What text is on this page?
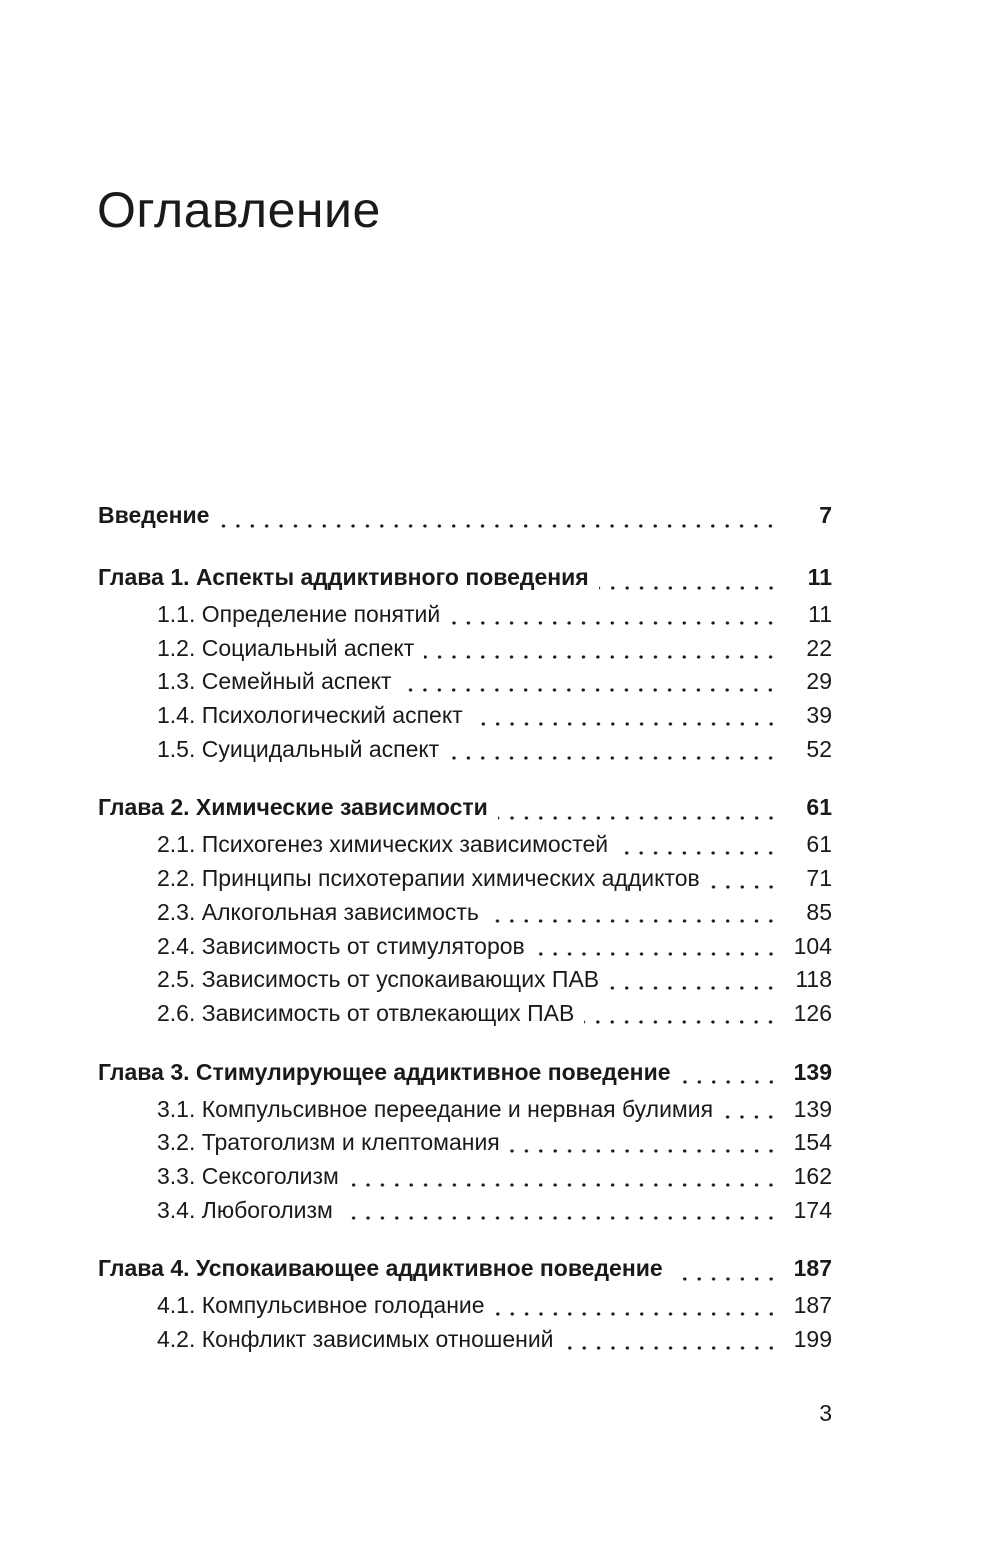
Оглавление
Введение	7
Глава 1. Аспекты аддиктивного поведения	11
1.1. Определение понятий	11
1.2. Социальный аспект	22
1.3. Семейный аспект	29
1.4. Психологический аспект	39
1.5. Суицидальный аспект	52
Глава 2. Химические зависимости	61
2.1. Психогенез химических зависимостей	61
2.2. Принципы психотерапии химических аддиктов	71
2.3. Алкогольная зависимость	85
2.4. Зависимость от стимуляторов	104
2.5. Зависимость от успокаивающих ПАВ	118
2.6. Зависимость от отвлекающих ПАВ	126
Глава 3. Стимулирующее аддиктивное поведение	139
3.1. Компульсивное переедание и нервная булимия	139
3.2. Тратоголизм и клептомания	154
3.3. Сексоголизм	162
3.4. Любоголизм	174
Глава 4. Успокаивающее аддиктивное поведение	187
4.1. Компульсивное голодание	187
4.2. Конфликт зависимых отношений	199
3
